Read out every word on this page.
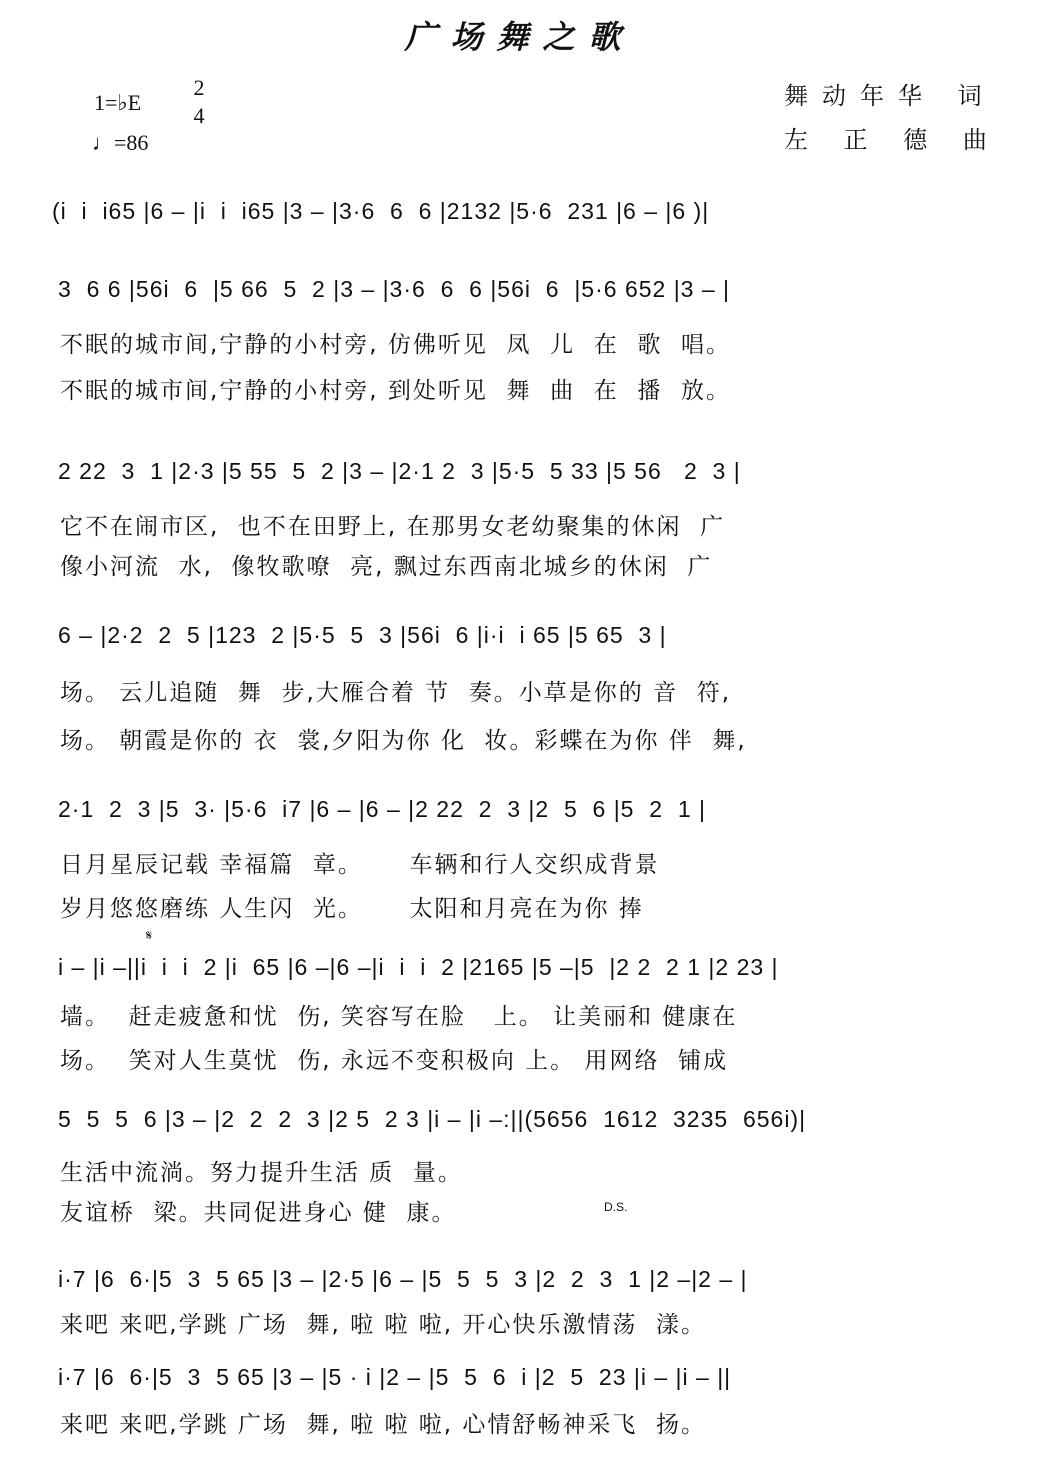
广场舞之歌
1=♭E
2
4
♩=86
舞动年华 词
左 正 德 曲
(i  i  i65 |6 – |i  i  i65 |3 – |3·6  6  6 |2132 |5·6  231 |6 – |6 )|
3  6 6 |56i  6  |5 66  5  2 |3 – |3·6  6  6 |56i  6  |5·6 652 |3 – |
不眠的城市间,宁静的小村旁, 仿佛听见  凤  儿  在  歌  唱。
不眠的城市间,宁静的小村旁, 到处听见  舞  曲  在  播  放。
2 22  3  1 |2·3 |5 55  5  2 |3 – |2·1 2  3 |5·5  5 33 |5 56   2  3 |
它不在闹市区,  也不在田野上, 在那男女老幼聚集的休闲  广
像小河流  水,  像牧歌嘹  亮, 飘过东西南北城乡的休闲  广
6 – |2·2  2  5 |123  2 |5·5  5  3 |56i  6 |i·i  i 65 |5 65  3 |
场。 云儿追随  舞  步,大雁合着 节  奏。小草是你的 音  符,
场。 朝霞是你的 衣  裳,夕阳为你 化  妆。彩蝶在为你 伴  舞,
2·1  2  3 |5  3· |5·6  i7 |6 – |6 – |2 22  2  3 |2  5  6 |5  2  1 |
日月星辰记载 幸福篇  章。     车辆和行人交织成背景
岁月悠悠磨练 人生闪  光。     太阳和月亮在为你 捧
𝄋
i – |i –||i  i  i  2 |i  65 |6 –|6 –|i  i  i  2 |2165 |5 –|5  |2 2  2 1 |2 23 |
墙。  赶走疲惫和忧  伤, 笑容写在脸   上。 让美丽和 健康在
场。  笑对人生莫忧  伤, 永远不变积极向 上。 用网络  铺成
5  5  5  6 |3 – |2  2  2  3 |2 5  2 3 |i – |i –:||(5656  1612  3235  656i)|
生活中流淌。努力提升生活 质  量。
友谊桥  梁。共同促进身心 健  康。	D.S.
i·7 |6  6·|5  3  5 65 |3 – |2·5 |6 – |5  5  5  3 |2  2  3  1 |2 –|2 – |
来吧 来吧,学跳 广场  舞, 啦 啦 啦, 开心快乐激情荡  漾。
i·7 |6  6·|5  3  5 65 |3 – |5 · i |2 – |5  5  6  i |2  5  23 |i – |i – ||
来吧 来吧,学跳 广场  舞, 啦 啦 啦, 心情舒畅神采飞  扬。
